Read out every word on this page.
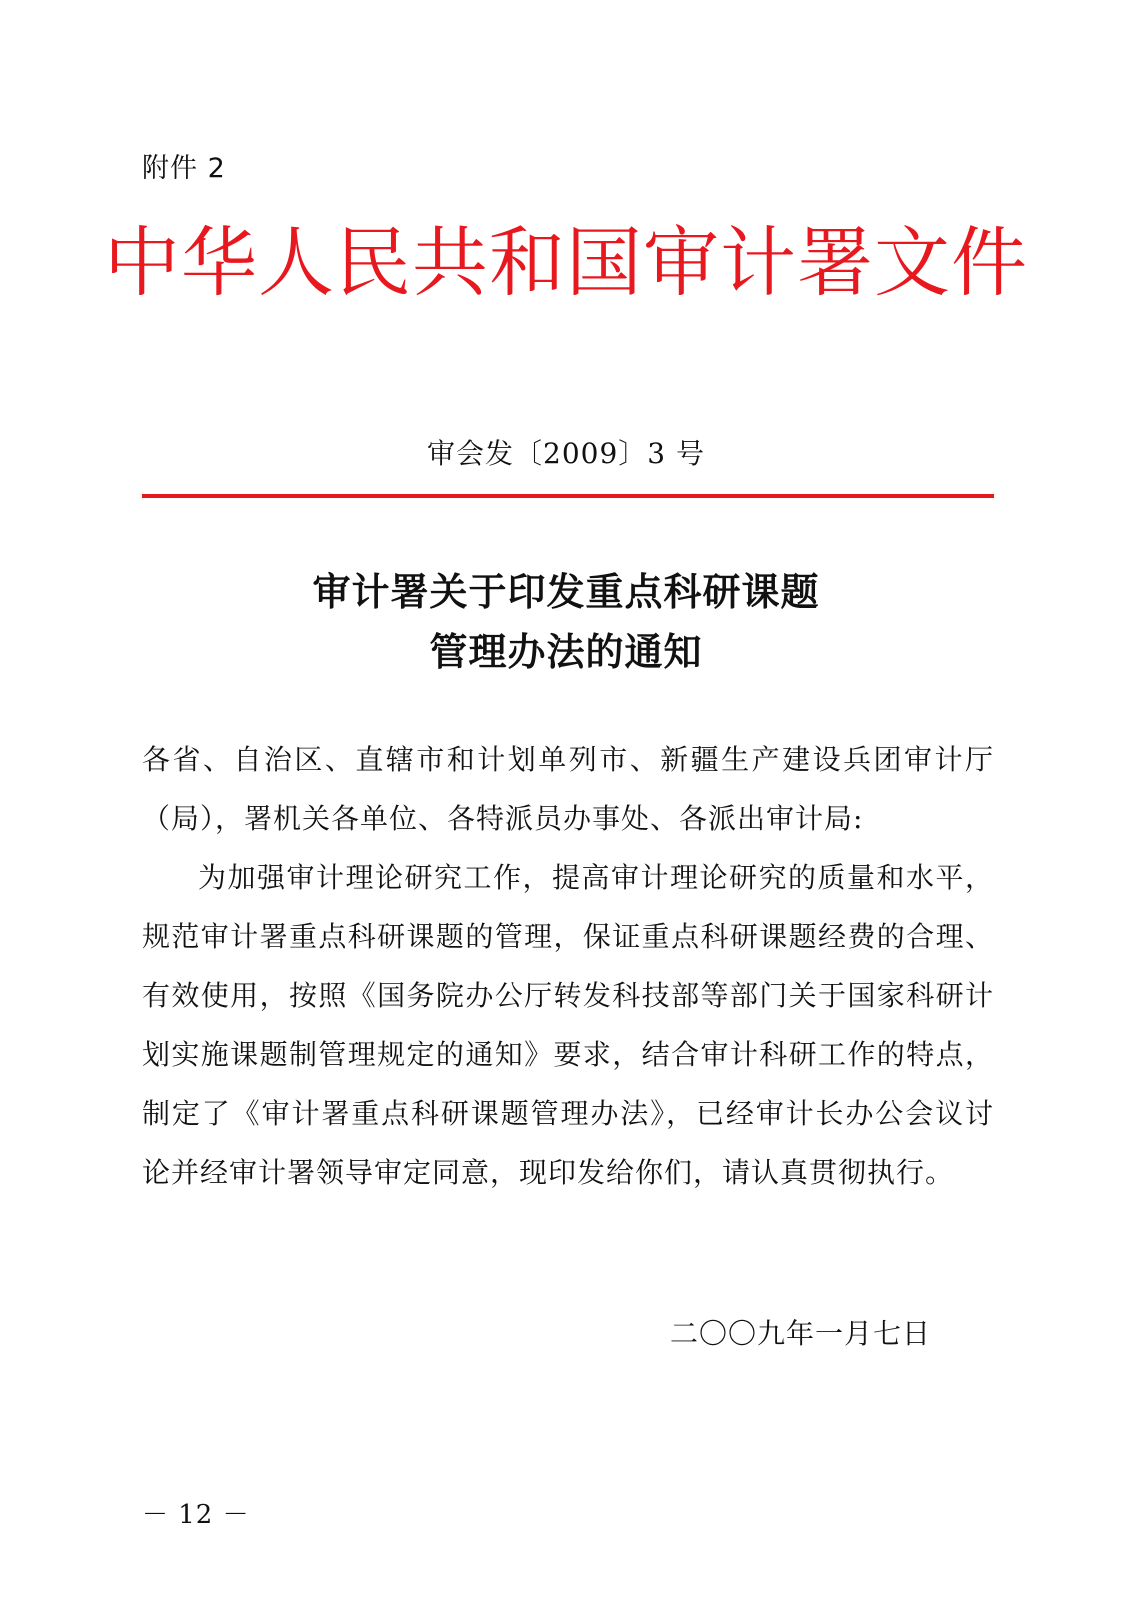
附件 2
中华人民共和国审计署文件
审会发〔2009〕3 号
审计署关于印发重点科研课题
管理办法的通知

各省、自治区、直辖市和计划单列市、新疆生产建设兵团审计厅（局），署机关各单位、各特派员办事处、各派出审计局:

为加强审计理论研究工作，提高审计理论研究的质量和水平，规范审计署重点科研课题的管理，保证重点科研课题经费的合理、有效使用，按照《国务院办公厅转发科技部等部门关于国家科研计划实施课题制管理规定的通知》要求，结合审计科研工作的特点，制定了《审计署重点科研课题管理办法》，已经审计长办公会议讨论并经审计署领导审定同意，现印发给你们，请认真贯彻执行。

二〇〇九年一月七日
－ 12 －
